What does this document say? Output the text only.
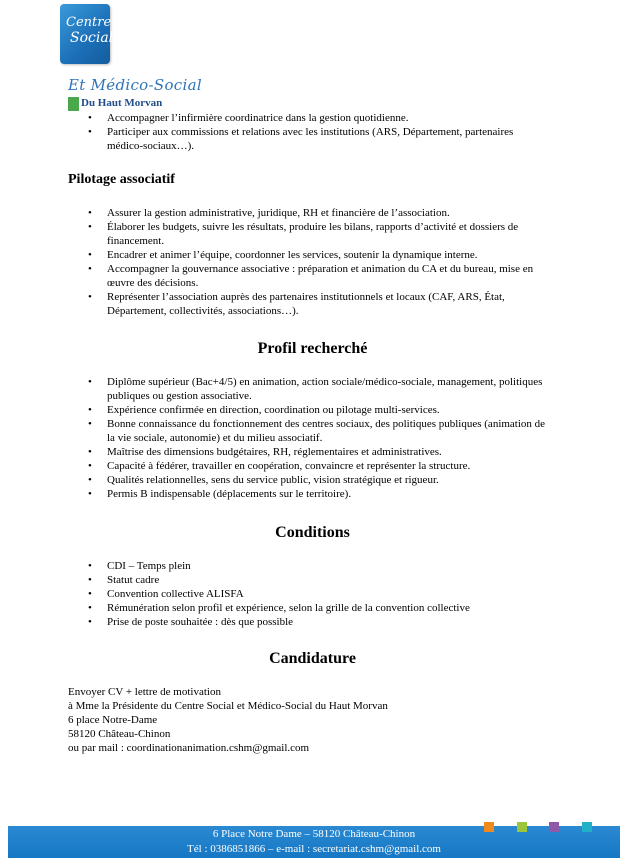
Centre
Social
Et Médico-Social
Du Haut Morvan
• Accompagner l’infirmière coordinatrice dans la gestion quotidienne.
• Participer aux commissions et relations avec les institutions (ARS, Département, partenaires médico-sociaux…).
Pilotage associatif
• Assurer la gestion administrative, juridique, RH et financière de l’association.
• Élaborer les budgets, suivre les résultats, produire les bilans, rapports d’activité et dossiers de financement.
• Encadrer et animer l’équipe, coordonner les services, soutenir la dynamique interne.
• Accompagner la gouvernance associative : préparation et animation du CA et du bureau, mise en œuvre des décisions.
• Représenter l’association auprès des partenaires institutionnels et locaux (CAF, ARS, État, Département, collectivités, associations…).
Profil recherché
• Diplôme supérieur (Bac+4/5) en animation, action sociale/médico-sociale, management, politiques publiques ou gestion associative.
• Expérience confirmée en direction, coordination ou pilotage multi-services.
• Bonne connaissance du fonctionnement des centres sociaux, des politiques publiques (animation de la vie sociale, autonomie) et du milieu associatif.
• Maîtrise des dimensions budgétaires, RH, réglementaires et administratives.
• Capacité à fédérer, travailler en coopération, convaincre et représenter la structure.
• Qualités relationnelles, sens du service public, vision stratégique et rigueur.
• Permis B indispensable (déplacements sur le territoire).
Conditions
• CDI – Temps plein
• Statut cadre
• Convention collective ALISFA
• Rémunération selon profil et expérience, selon la grille de la convention collective
• Prise de poste souhaitée : dès que possible
Candidature
Envoyer CV + lettre de motivation
à Mme la Présidente du Centre Social et Médico-Social du Haut Morvan
6 place Notre-Dame
58120 Château-Chinon
ou par mail : coordinationanimation.cshm@gmail.com
6 Place Notre Dame – 58120 Château-Chinon
Tél : 0386851866 – e-mail : secretariat.cshm@gmail.com
